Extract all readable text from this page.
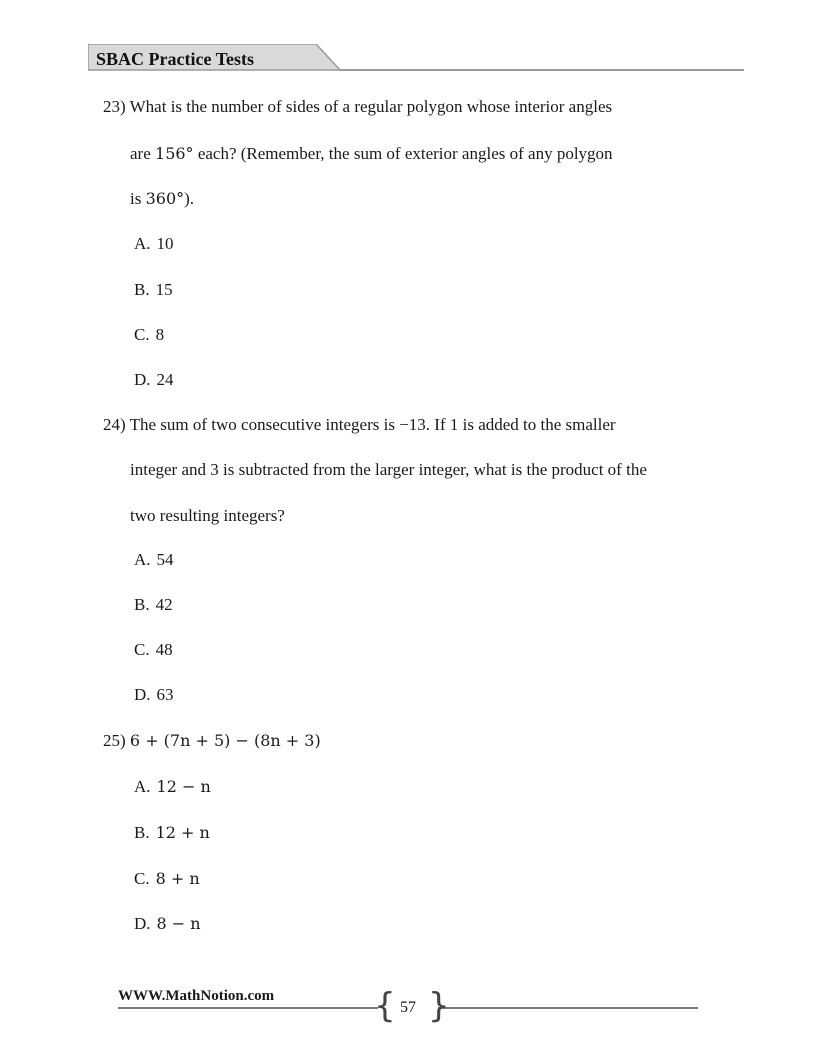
SBAC Practice Tests
23) What is the number of sides of a regular polygon whose interior angles
are 156° each? (Remember, the sum of exterior angles of any polygon
is 360°).
A. 10
B. 15
C. 8
D. 24
24) The sum of two consecutive integers is −13. If 1 is added to the smaller
integer and 3 is subtracted from the larger integer, what is the product of the
two resulting integers?
A. 54
B. 42
C. 48
D. 63
25) 6 + (7n + 5) − (8n + 3)
A. 12 − n
B. 12 + n
C. 8 + n
D. 8 − n
WWW.MathNotion.com
57
{ }
